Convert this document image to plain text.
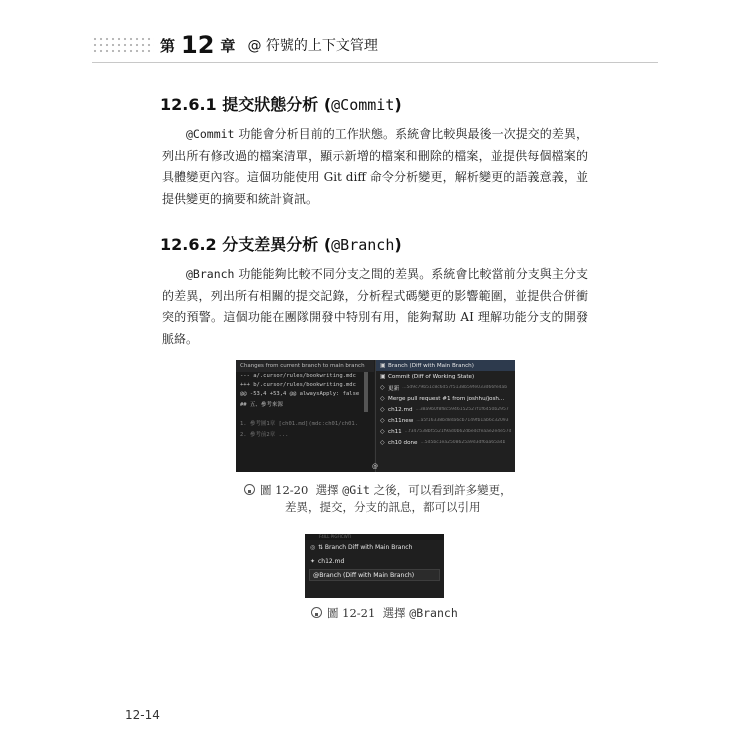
第 12 章 @ 符號的上下文管理
12.6.1 提交狀態分析 (@Commit)

@Commit 功能會分析目前的工作狀態。系統會比較與最後一次提交的差異，列出所有修改過的檔案清單，顯示新增的檔案和刪除的檔案，並提供每個檔案的具體變更內容。這個功能使用 Git diff 命令分析變更，解析變更的語義意義，並提供變更的摘要和統計資訊。

12.6.2 分支差異分析 (@Branch)

@Branch 功能能夠比較不同分支之間的差異。系統會比較當前分支與主分支的差異，列出所有相關的提交記錄，分析程式碼變更的影響範圍，並提供合併衝突的預警。這個功能在團隊開發中特別有用，能夠幫助 AI 理解功能分支的開發脈絡。

Changes from current branch to main branch
--- a/.cursor/rules/bookwriting.mdc
+++ b/.cursor/rules/bookwriting.mdc
@@ -53,4 +53,4 @@ alwaysApply: false
## 五、參考來源

1. 參考圖1章 [ch01.md](mdc:ch01/ch01.
2. 參考前2章 ...
▣ Branch (Diff with Main Branch)
▣ Commit (Diff of Working State)
◇ 更新 ...5d9c79b51c8c6d57f5138b59fe033d66fe4ab
◇ Merge pull request #1 from joshhu/josh...
◇ ch12.md ...38a9b0f8f8c5946152527f1f6450b2957
◇ ch11new ...a5f16338bd8da6cb7149fb1ab6c32093
◇ ch11 ...f347538bf5521f9ad0b62dbedcfeaae2e4e57d
◇ ch10 done ...5d5bc1ea2508625a9d3df6aa65a4b
@

圖 12-20 選擇 @Git 之後，可以看到許多變更，

差異，提交，分支的訊息，都可以引用

F4ILL PIGFICWTI
◎ ⇅ Branch Diff with Main Branch
✦ ch12.md
@Branch (Diff with Main Branch)

圖 12-21 選擇 @Branch

12-14
